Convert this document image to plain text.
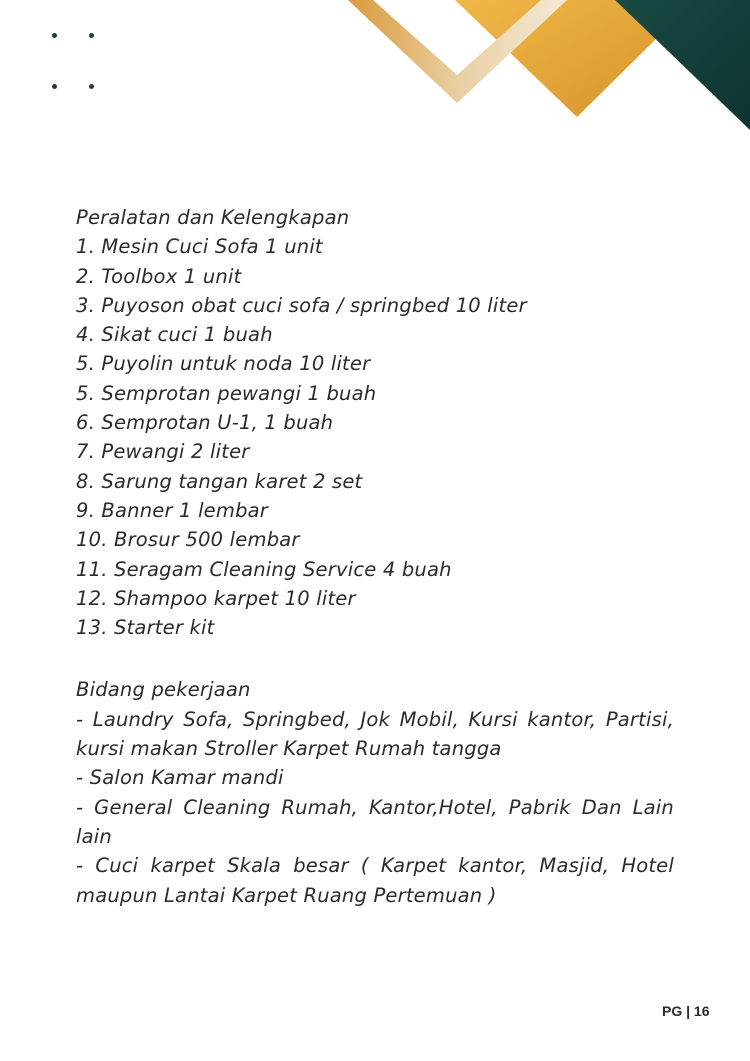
Peralatan dan Kelengkapan
1. Mesin Cuci Sofa 1 unit
2. Toolbox 1 unit
3. Puyoson obat cuci sofa / springbed 10 liter
4. Sikat cuci 1 buah
5. Puyolin untuk noda 10 liter
5. Semprotan pewangi 1 buah
6. Semprotan U-1, 1 buah
7. Pewangi 2 liter
8. Sarung tangan karet 2 set
9. Banner 1 lembar
10. Brosur 500 lembar
11. Seragam Cleaning Service 4 buah
12. Shampoo karpet 10 liter
13. Starter kit
Bidang pekerjaan
- Laundry Sofa, Springbed, Jok Mobil, Kursi kantor, Partisi, kursi makan Stroller Karpet Rumah tangga
- Salon Kamar mandi
- General Cleaning Rumah, Kantor,Hotel, Pabrik Dan Lain lain
- Cuci karpet Skala besar ( Karpet kantor, Masjid, Hotel maupun Lantai Karpet Ruang Pertemuan )
PG | 16
